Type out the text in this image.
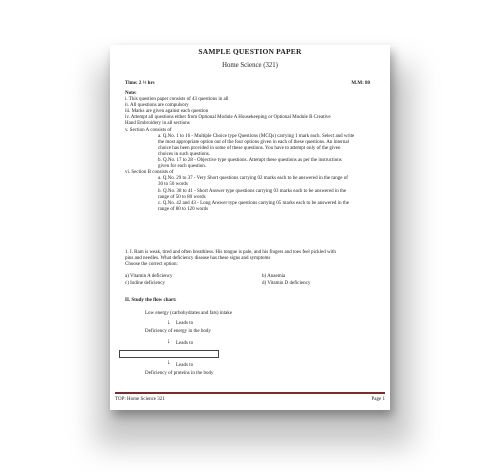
SAMPLE QUESTION PAPER
Home Science (321)
Time: 2 ½ hrs	M.M: 80

Note:

i. This question paper consists of 43 questions in all

ii. All questions are compulsory

iii. Marks are given against each question

iv. Attempt all questions either from Optional Module A Housekeeping or Optional Module B Creative

Hand Embroidery in all sections

v. Section A consists of

a. Q.No. 1 to 16 - Multiple Choice type Questions (MCQs) carrying 1 mark each. Select and write

the most appropriate option out of the four options given in each of these questions. An internal

choice has been provided in some of these questions. You have to attempt only of the given

choices in such questions.

b. Q.No. 17 to 28 - Objective type questions. Attempt these questions as per the instructions

given for each question.

vi. Section B consists of

a. Q.No. 29 to 37 - Very Short questions carrying 02 marks each to be answered in the range of

30 to 50 words

b. Q.No. 38 to 41 - Short Answer type questions carrying 03 marks each to be answered in the

range of 50 to 80 words

c. Q.No. 42 and 43 - Long Answer type questions carrying 05 marks each to be answered in the

range of 80 to 120 words

1. I. Ram is weak, tired and often breathless. His tongue is pale, and his fingers and toes feel pickled with

pins and needles. What deficiency disease has these signs and symptoms

Choose the correct option:

a) Vitamin A deficiency	b) Anaemia
c) Iodine deficiency	d) Vitamin D deficiency
II. Study the flow chart:
Low energy (carbohydrates and fats) intake
↓ Leads to
Deficiency of energy in the body
↓ Leads to
↓ Leads to
Deficiency of proteins in the body
TOP: Home Science 321	Page 1
